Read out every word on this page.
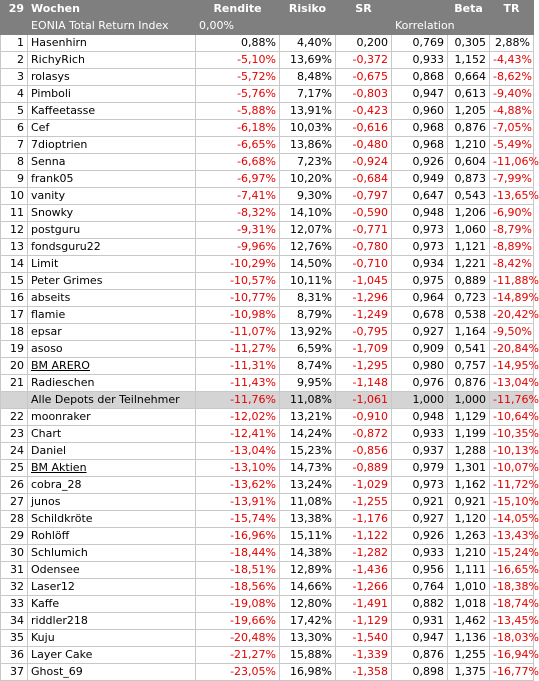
29	Wochen	Rendite	Risiko	SR		Beta	TR
	EONIA Total Return Index	0,00%			Korrelation		
1	Hasenhirn	0,88%	4,40%	0,200	0,769	0,305	2,88%
2	RichyRich	-5,10%	13,69%	-0,372	0,933	1,152	-4,43%
3	rolasys	-5,72%	8,48%	-0,675	0,868	0,664	-8,62%
4	Pimboli	-5,76%	7,17%	-0,803	0,947	0,613	-9,40%
5	Kaffeetasse	-5,88%	13,91%	-0,423	0,960	1,205	-4,88%
6	Cef	-6,18%	10,03%	-0,616	0,968	0,876	-7,05%
7	7dioptrien	-6,65%	13,86%	-0,480	0,968	1,210	-5,49%
8	Senna	-6,68%	7,23%	-0,924	0,926	0,604	-11,06%
9	frank05	-6,97%	10,20%	-0,684	0,949	0,873	-7,99%
10	vanity	-7,41%	9,30%	-0,797	0,647	0,543	-13,65%
11	Snowky	-8,32%	14,10%	-0,590	0,948	1,206	-6,90%
12	postguru	-9,31%	12,07%	-0,771	0,973	1,060	-8,79%
13	fondsguru22	-9,96%	12,76%	-0,780	0,973	1,121	-8,89%
14	Limit	-10,29%	14,50%	-0,710	0,934	1,221	-8,42%
15	Peter Grimes	-10,57%	10,11%	-1,045	0,975	0,889	-11,88%
16	abseits	-10,77%	8,31%	-1,296	0,964	0,723	-14,89%
17	flamie	-10,98%	8,79%	-1,249	0,678	0,538	-20,42%
18	epsar	-11,07%	13,92%	-0,795	0,927	1,164	-9,50%
19	asoso	-11,27%	6,59%	-1,709	0,909	0,541	-20,84%
20	BM ARERO	-11,31%	8,74%	-1,295	0,980	0,757	-14,95%
21	Radieschen	-11,43%	9,95%	-1,148	0,976	0,876	-13,04%
	Alle Depots der Teilnehmer	-11,76%	11,08%	-1,061	1,000	1,000	-11,76%
22	moonraker	-12,02%	13,21%	-0,910	0,948	1,129	-10,64%
23	Chart	-12,41%	14,24%	-0,872	0,933	1,199	-10,35%
24	Daniel	-13,04%	15,23%	-0,856	0,937	1,288	-10,13%
25	BM Aktien	-13,10%	14,73%	-0,889	0,979	1,301	-10,07%
26	cobra_28	-13,62%	13,24%	-1,029	0,973	1,162	-11,72%
27	junos	-13,91%	11,08%	-1,255	0,921	0,921	-15,10%
28	Schildkröte	-15,74%	13,38%	-1,176	0,927	1,120	-14,05%
29	Rohlöff	-16,96%	15,11%	-1,122	0,926	1,263	-13,43%
30	Schlumich	-18,44%	14,38%	-1,282	0,933	1,210	-15,24%
31	Odensee	-18,51%	12,89%	-1,436	0,956	1,111	-16,65%
32	Laser12	-18,56%	14,66%	-1,266	0,764	1,010	-18,38%
33	Kaffe	-19,08%	12,80%	-1,491	0,882	1,018	-18,74%
34	riddler218	-19,66%	17,42%	-1,129	0,931	1,462	-13,45%
35	Kuju	-20,48%	13,30%	-1,540	0,947	1,136	-18,03%
36	Layer Cake	-21,27%	15,88%	-1,339	0,876	1,255	-16,94%
37	Ghost_69	-23,05%	16,98%	-1,358	0,898	1,375	-16,77%
